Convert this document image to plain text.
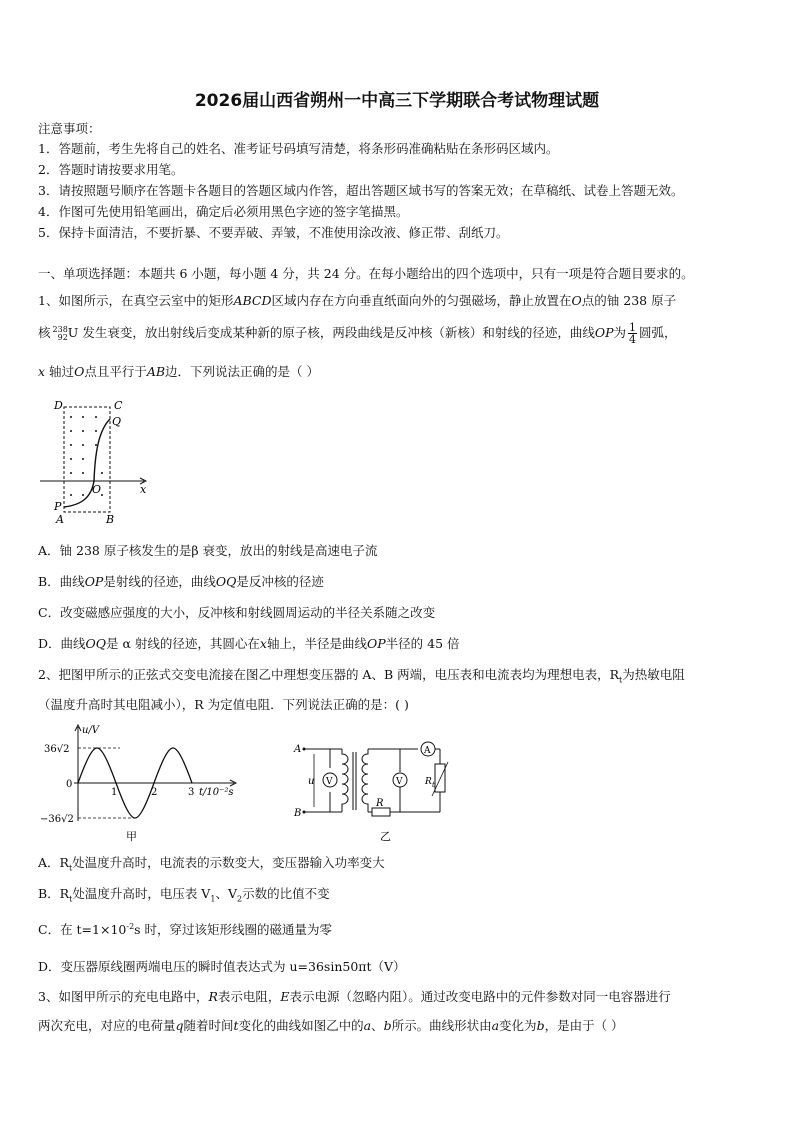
2026届山西省朔州一中高三下学期联合考试物理试题
注意事项：
1．答题前，考生先将自己的姓名、准考证号码填写清楚，将条形码准确粘贴在条形码区域内。
2．答题时请按要求用笔。
3．请按照题号顺序在答题卡各题目的答题区域内作答，超出答题区域书写的答案无效；在草稿纸、试卷上答题无效。
4．作图可先使用铅笔画出，确定后必须用黑色字迹的签字笔描黑。
5．保持卡面清洁，不要折暴、不要弄破、弄皱，不准使用涂改液、修正带、刮纸刀。
一、单项选择题：本题共 6 小题，每小题 4 分，共 24 分。在每小题给出的四个选项中，只有一项是符合题目要求的。
1、如图所示，在真空云室中的矩形ABCD区域内存在方向垂直纸面向外的匀强磁场，静止放置在O点的铀 238 原子
核 238
92 U 发生衰变，放出射线后变成某种新的原子核，两段曲线是反冲核（新核）和射线的径迹，曲线OP为 $\frac{1}{4}$ 圆弧，
x 轴过O点且平行于AB边．下列说法正确的是（ ）
D	C
Q
O	x
P
A	B
A．铀 238 原子核发生的是β 衰变，放出的射线是高速电子流
B．曲线OP是射线的径迹，曲线OQ是反冲核的径迹
C．改变磁感应强度的大小，反冲核和射线圆周运动的半径关系随之改变
D．曲线OQ是 α 射线的径迹，其圆心在x轴上，半径是曲线OP半径的 45 倍
2、把图甲所示的正弦式交变电流接在图乙中理想变压器的 A、B 两端，电压表和电流表均为理想电表，$R_t$为热敏电阻
（温度升高时其电阻减小），R 为定值电阻．下列说法正确的是：( )
36√2
0
−36√2
u/V
1	2	3 t/10⁻²s
甲
A
B
u V
A
R t
V
R
乙
A．$R_t$处温度升高时，电流表的示数变大，变压器输入功率变大
B．$R_t$处温度升高时，电压表 $V_1$、$V_2$示数的比值不变
C．在 $t=1\times 10^{-2}s$ 时，穿过该矩形线圈的磁通量为零
D．变压器原线圈两端电压的瞬时值表达式为 u=36sin50πt（V）
3、如图甲所示的充电电路中，R表示电阻，E表示电源（忽略内阻）。通过改变电路中的元件参数对同一电容器进行
两次充电，对应的电荷量q随着时间t变化的曲线如图乙中的a、b所示。曲线形状由a变化为b，是由于（ ）
